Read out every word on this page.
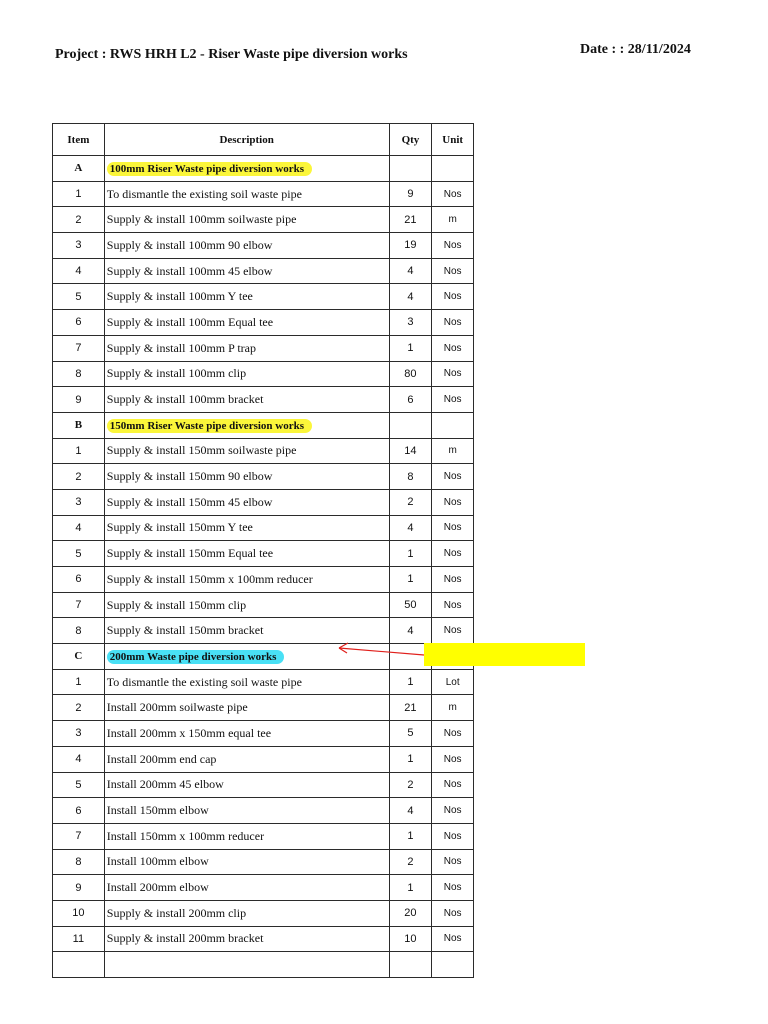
Project : RWS HRH L2 - Riser Waste pipe diversion works	Date : : 28/11/2024
Item	Description	Qty	Unit
A	100mm Riser Waste pipe diversion works		
1	To dismantle the existing soil waste pipe	9	Nos
2	Supply & install 100mm soilwaste pipe	21	m
3	Supply & install 100mm 90 elbow	19	Nos
4	Supply & install 100mm 45 elbow	4	Nos
5	Supply & install 100mm Y tee	4	Nos
6	Supply & install 100mm Equal tee	3	Nos
7	Supply & install 100mm P trap	1	Nos
8	Supply & install 100mm clip	80	Nos
9	Supply & install 100mm bracket	6	Nos
B	150mm Riser Waste pipe diversion works		
1	Supply & install 150mm soilwaste pipe	14	m
2	Supply & install 150mm 90 elbow	8	Nos
3	Supply & install 150mm 45 elbow	2	Nos
4	Supply & install 150mm Y tee	4	Nos
5	Supply & install 150mm Equal tee	1	Nos
6	Supply & install 150mm x 100mm reducer	1	Nos
7	Supply & install 150mm clip	50	Nos
8	Supply & install 150mm bracket	4	Nos
C	200mm Waste pipe diversion works		
1	To dismantle the existing soil waste pipe	1	Lot
2	Install 200mm soilwaste pipe	21	m
3	Install 200mm x 150mm equal tee	5	Nos
4	Install 200mm end cap	1	Nos
5	Install 200mm 45 elbow	2	Nos
6	Install 150mm elbow	4	Nos
7	Install 150mm x 100mm reducer	1	Nos
8	Install 100mm elbow	2	Nos
9	Install 200mm elbow	1	Nos
10	Supply & install 200mm clip	20	Nos
11	Supply & install 200mm bracket	10	Nos
